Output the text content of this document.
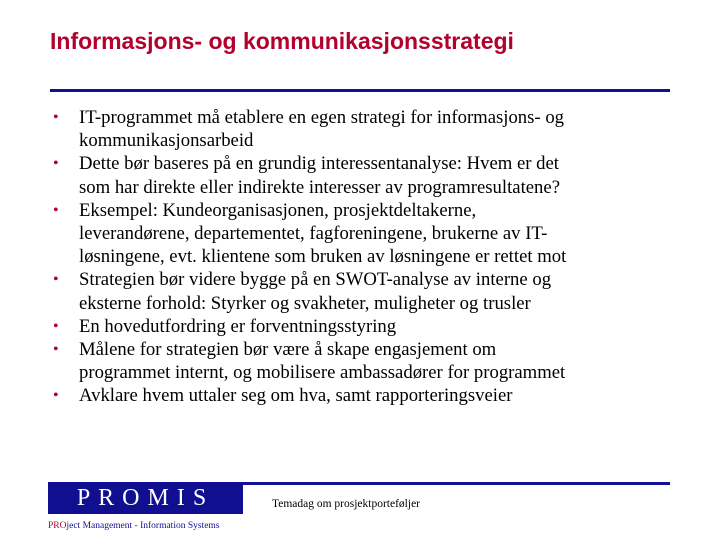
Informasjons- og kommunikasjonsstrategi
• IT-programmet må etablere en egen strategi for informasjons- og
kommunikasjonsarbeid
• Dette bør baseres på en grundig interessentanalyse: Hvem er det
som har direkte eller indirekte interesser av programresultatene?
• Eksempel: Kundeorganisasjonen, prosjektdeltakerne,
leverandørene, departementet, fagforeningene, brukerne av IT-
løsningene, evt. klientene som bruken av løsningene er rettet mot
• Strategien bør videre bygge på en SWOT-analyse av interne og
eksterne forhold: Styrker og svakheter, muligheter og trusler
• En hovedutfordring er forventningsstyring
• Målene for strategien bør være å skape engasjement om
programmet internt, og mobilisere ambassadører for programmet
• Avklare hvem uttaler seg om hva, samt rapporteringsveier
PROMIS
PROject Management - Information Systems
Temadag om prosjektporteføljer
